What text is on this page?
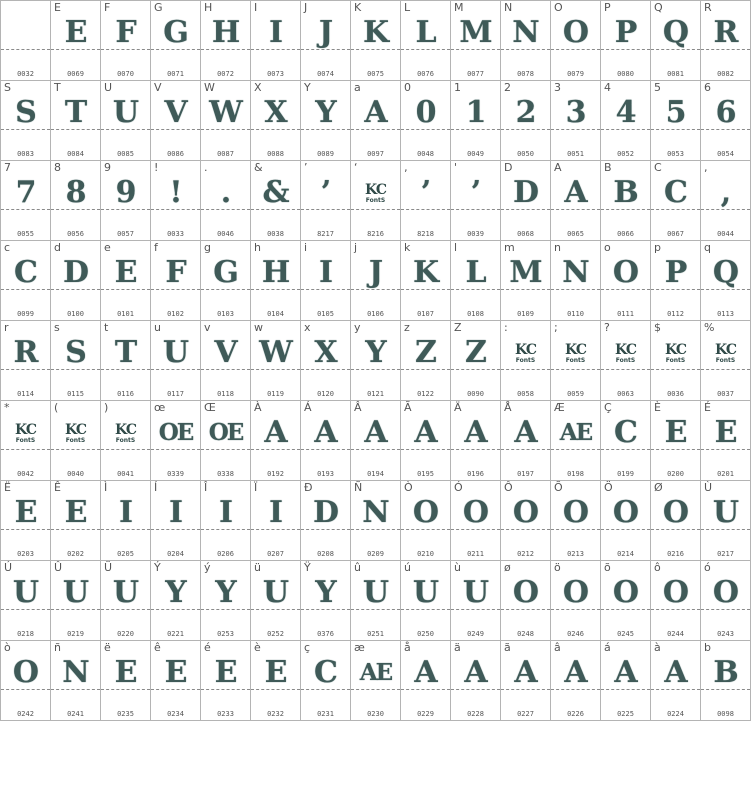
0032
E
E
0069
F
F
0070
G
G
0071
H
H
0072
I
I
0073
J
J
0074
K
K
0075
L
L
0076
M
M
0077
N
N
0078
O
O
0079
P
P
0080
Q
Q
0081
R
R
0082
S
S
0083
T
T
0084
U
U
0085
V
V
0086
W
W
0087
X
X
0088
Y
Y
0089
a
A
0097
0
0
0048
1
1
0049
2
2
0050
3
3
0051
4
4
0052
5
5
0053
6
6
0054
7
7
0055
8
8
0056
9
9
0057
!
!
0033
.
.
0046
&
&
0038
’
’
8217
‘
KC
FontS
8216
‚
’
8218
'
’
0039
D
D
0068
A
A
0065
B
B
0066
C
C
0067
,
,
0044
c
C
0099
d
D
0100
e
E
0101
f
F
0102
g
G
0103
h
H
0104
i
I
0105
j
J
0106
k
K
0107
l
L
0108
m
M
0109
n
N
0110
o
O
0111
p
P
0112
q
Q
0113
r
R
0114
s
S
0115
t
T
0116
u
U
0117
v
V
0118
w
W
0119
x
X
0120
y
Y
0121
z
Z
0122
Z
Z
0090
:
KC
FontS
0058
;
KC
FontS
0059
?
KC
FontS
0063
$
KC
FontS
0036
%
KC
FontS
0037
*
KC
FontS
0042
(
KC
FontS
0040
)
KC
FontS
0041
œ
OE
0339
Œ
OE
0338
À
A
0192
Á
A
0193
Â
A
0194
Ã
A
0195
Ä
A
0196
Å
A
0197
Æ
AE
0198
Ç
C
0199
È
E
0200
É
E
0201
Ë
E
0203
Ê
E
0202
Ì
I
0205
Í
I
0204
Î
I
0206
Ï
I
0207
Ð
D
0208
Ñ
N
0209
Ò
O
0210
Ó
O
0211
Ô
O
0212
Õ
O
0213
Ö
O
0214
Ø
O
0216
Ù
U
0217
Ú
U
0218
Û
U
0219
Ü
U
0220
Ý
Y
0221
ý
Y
0253
ü
U
0252
Ÿ
Y
0376
û
U
0251
ú
U
0250
ù
U
0249
ø
O
0248
ö
O
0246
õ
O
0245
ô
O
0244
ó
O
0243
ò
O
0242
ñ
N
0241
ë
E
0235
ê
E
0234
é
E
0233
è
E
0232
ç
C
0231
æ
AE
0230
å
A
0229
ä
A
0228
ã
A
0227
â
A
0226
á
A
0225
à
A
0224
b
B
0098
